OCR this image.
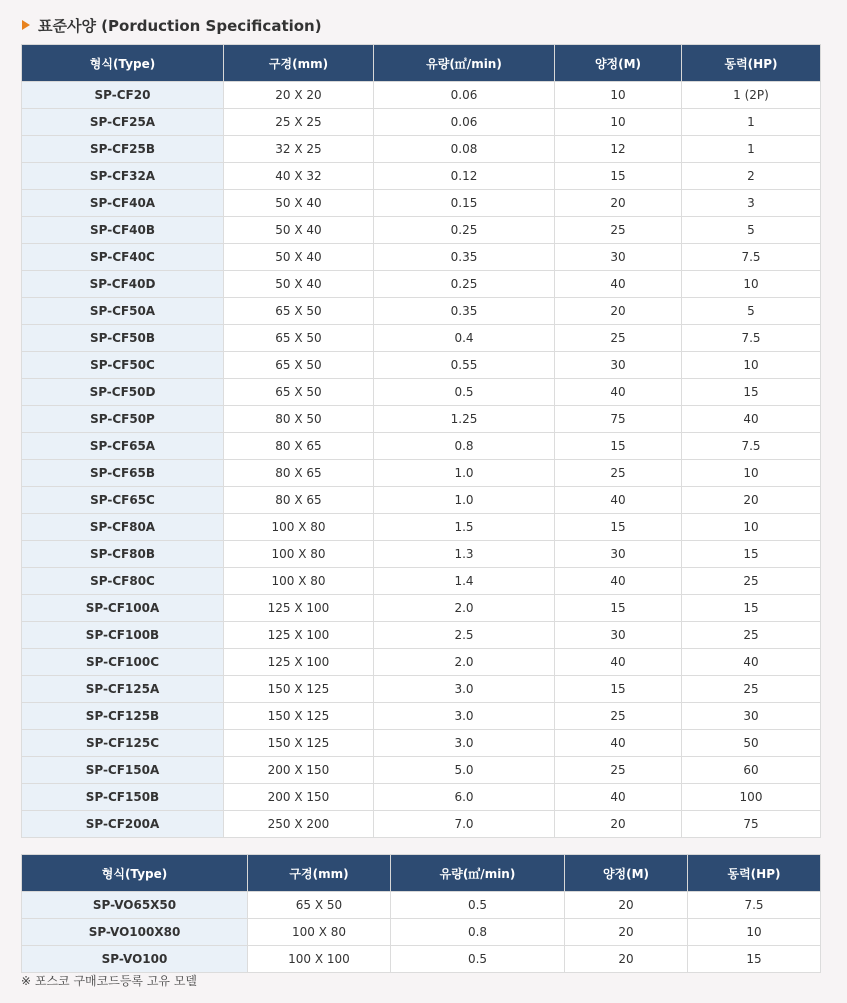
표준사양 (Porduction Specification)
형식(Type)	구경(mm)	유량(㎥/min)	양정(M)	동력(HP)
SP-CF20	20 X 20	0.06	10	1 (2P)
SP-CF25A	25 X 25	0.06	10	1
SP-CF25B	32 X 25	0.08	12	1
SP-CF32A	40 X 32	0.12	15	2
SP-CF40A	50 X 40	0.15	20	3
SP-CF40B	50 X 40	0.25	25	5
SP-CF40C	50 X 40	0.35	30	7.5
SP-CF40D	50 X 40	0.25	40	10
SP-CF50A	65 X 50	0.35	20	5
SP-CF50B	65 X 50	0.4	25	7.5
SP-CF50C	65 X 50	0.55	30	10
SP-CF50D	65 X 50	0.5	40	15
SP-CF50P	80 X 50	1.25	75	40
SP-CF65A	80 X 65	0.8	15	7.5
SP-CF65B	80 X 65	1.0	25	10
SP-CF65C	80 X 65	1.0	40	20
SP-CF80A	100 X 80	1.5	15	10
SP-CF80B	100 X 80	1.3	30	15
SP-CF80C	100 X 80	1.4	40	25
SP-CF100A	125 X 100	2.0	15	15
SP-CF100B	125 X 100	2.5	30	25
SP-CF100C	125 X 100	2.0	40	40
SP-CF125A	150 X 125	3.0	15	25
SP-CF125B	150 X 125	3.0	25	30
SP-CF125C	150 X 125	3.0	40	50
SP-CF150A	200 X 150	5.0	25	60
SP-CF150B	200 X 150	6.0	40	100
SP-CF200A	250 X 200	7.0	20	75
형식(Type)	구경(mm)	유량(㎥/min)	양정(M)	동력(HP)
SP-VO65X50	65 X 50	0.5	20	7.5
SP-VO100X80	100 X 80	0.8	20	10
SP-VO100	100 X 100	0.5	20	15
※ 포스코 구매코드등록 고유 모델
